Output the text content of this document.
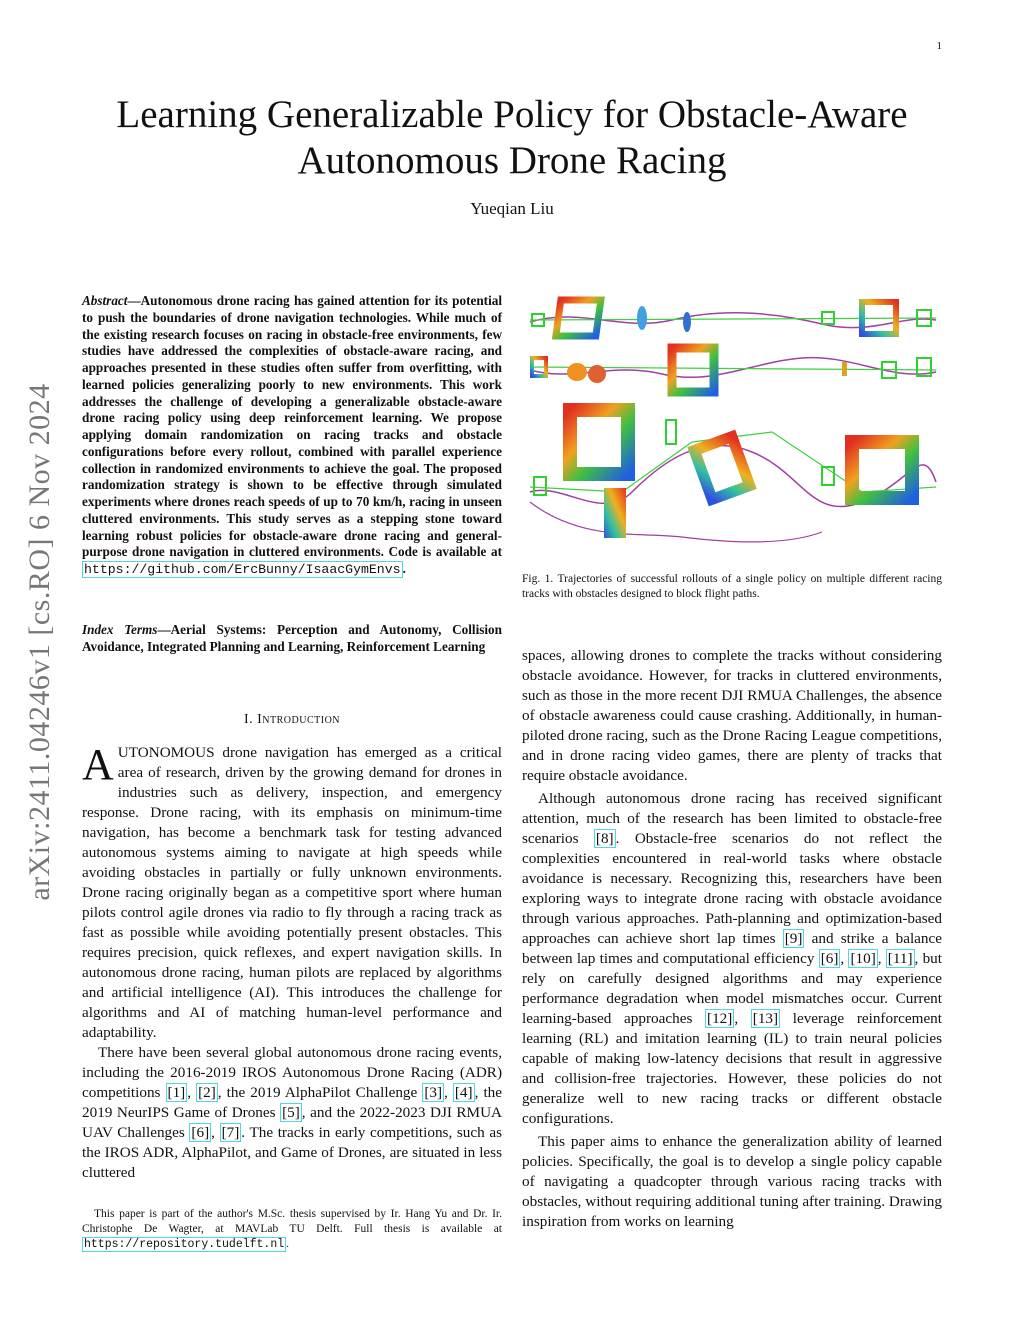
1
Learning Generalizable Policy for Obstacle-Aware
Autonomous Drone Racing
Yueqian Liu
arXiv:2411.04246v1 [cs.RO] 6 Nov 2024
Abstract—Autonomous drone racing has gained attention for its potential to push the boundaries of drone navigation technologies. While much of the existing research focuses on racing in obstacle-free environments, few studies have addressed the complexities of obstacle-aware racing, and approaches presented in these studies often suffer from overfitting, with learned policies generalizing poorly to new environments. This work addresses the challenge of developing a generalizable obstacle-aware drone racing policy using deep reinforcement learning. We propose applying domain randomization on racing tracks and obstacle configurations before every rollout, combined with parallel experience collection in randomized environments to achieve the goal. The proposed randomization strategy is shown to be effective through simulated experiments where drones reach speeds of up to 70 km/h, racing in unseen cluttered environments. This study serves as a stepping stone toward learning robust policies for obstacle-aware drone racing and general-purpose drone navigation in cluttered environments. Code is available at https://github.com/ErcBunny/IsaacGymEnvs .
Index Terms—Aerial Systems: Perception and Autonomy, Collision Avoidance, Integrated Planning and Learning, Reinforcement Learning
I. Introduction

AUTONOMOUS drone navigation has emerged as a critical area of research, driven by the growing demand for drones in industries such as delivery, inspection, and emergency response. Drone racing, with its emphasis on minimum-time navigation, has become a benchmark task for testing advanced autonomous systems aiming to navigate at high speeds while avoiding obstacles in partially or fully unknown environments. Drone racing originally began as a competitive sport where human pilots control agile drones via radio to fly through a racing track as fast as possible while avoiding potentially present obstacles. This requires precision, quick reflexes, and expert navigation skills. In autonomous drone racing, human pilots are replaced by algorithms and artificial intelligence (AI). This introduces the challenge for algorithms and AI of matching human-level performance and adaptability.

There have been several global autonomous drone racing events, including the 2016-2019 IROS Autonomous Drone Racing (ADR) competitions [1] , [2] , the 2019 AlphaPilot Challenge [3] , [4] , the 2019 NeurIPS Game of Drones [5] , and the 2022-2023 DJI RMUA UAV Challenges [6] , [7] . The tracks in early competitions, such as the IROS ADR, AlphaPilot, and Game of Drones, are situated in less cluttered

This paper is part of the author's M.Sc. thesis supervised by Ir. Hang Yu and Dr. Ir. Christophe De Wagter, at MAVLab TU Delft. Full thesis is available at https://repository.tudelft.nl .

Fig. 1. Trajectories of successful rollouts of a single policy on multiple different racing tracks with obstacles designed to block flight paths.

spaces, allowing drones to complete the tracks without considering obstacle avoidance. However, for tracks in cluttered environments, such as those in the more recent DJI RMUA Challenges, the absence of obstacle awareness could cause crashing. Additionally, in human-piloted drone racing, such as the Drone Racing League competitions, and in drone racing video games, there are plenty of tracks that require obstacle avoidance.

Although autonomous drone racing has received significant attention, much of the research has been limited to obstacle-free scenarios [8] . Obstacle-free scenarios do not reflect the complexities encountered in real-world tasks where obstacle avoidance is necessary. Recognizing this, researchers have been exploring ways to integrate drone racing with obstacle avoidance through various approaches. Path-planning and optimization-based approaches can achieve short lap times [9] and strike a balance between lap times and computational efficiency [6] , [10] , [11] , but rely on carefully designed algorithms and may experience performance degradation when model mismatches occur. Current learning-based approaches [12] , [13] leverage reinforcement learning (RL) and imitation learning (IL) to train neural policies capable of making low-latency decisions that result in aggressive and collision-free trajectories. However, these policies do not generalize well to new racing tracks or different obstacle configurations.

This paper aims to enhance the generalization ability of learned policies. Specifically, the goal is to develop a single policy capable of navigating a quadcopter through various racing tracks with obstacles, without requiring additional tuning after training. Drawing inspiration from works on learning
